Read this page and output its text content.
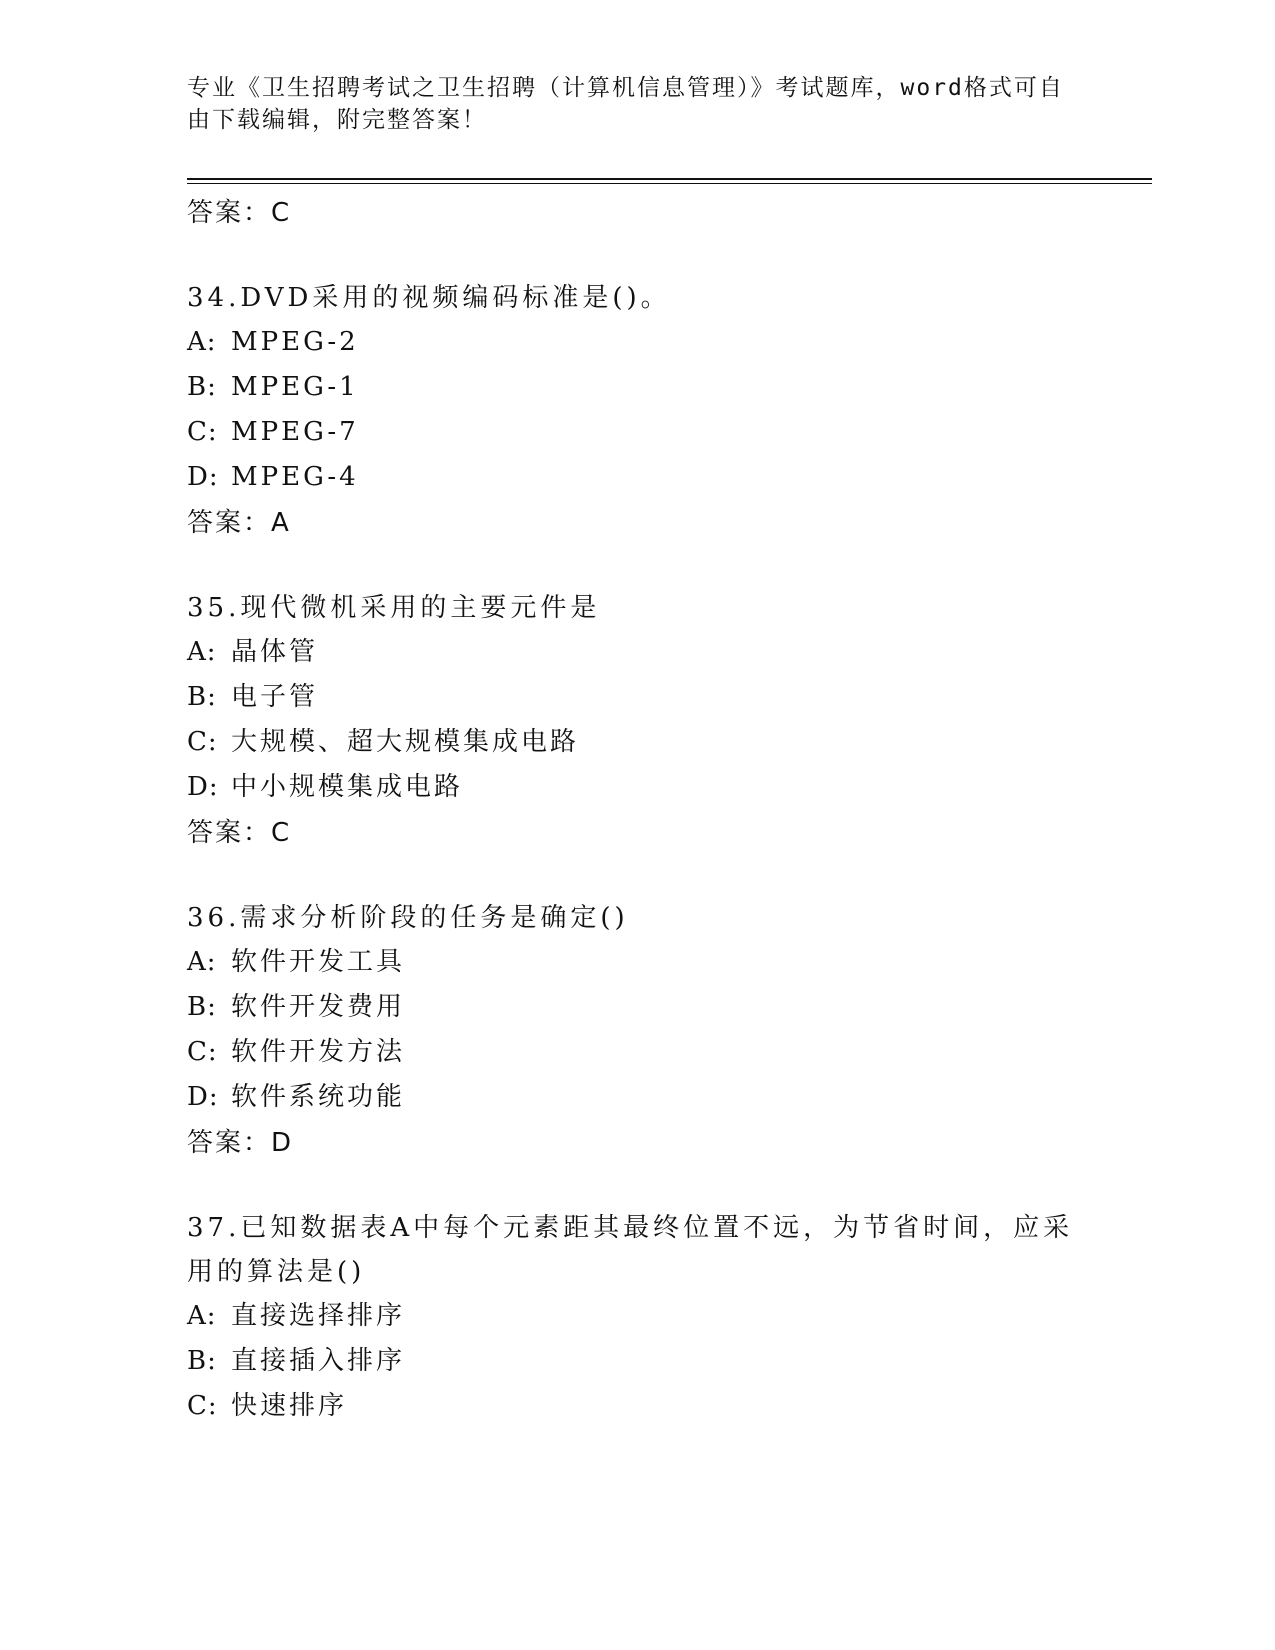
专业《卫生招聘考试之卫生招聘（计算机信息管理）》考试题库，word格式可自
由下载编辑，附完整答案！
答案：C
34.DVD采用的视频编码标准是()。
A: MPEG-2
B: MPEG-1
C: MPEG-7
D: MPEG-4
答案：A
35.现代微机采用的主要元件是
A: 晶体管
B: 电子管
C: 大规模、超大规模集成电路
D: 中小规模集成电路
答案：C
36.需求分析阶段的任务是确定()
A: 软件开发工具
B: 软件开发费用
C: 软件开发方法
D: 软件系统功能
答案：D
37.已知数据表A中每个元素距其最终位置不远，为节省时间，应采用的算法是()
A: 直接选择排序
B: 直接插入排序
C: 快速排序
